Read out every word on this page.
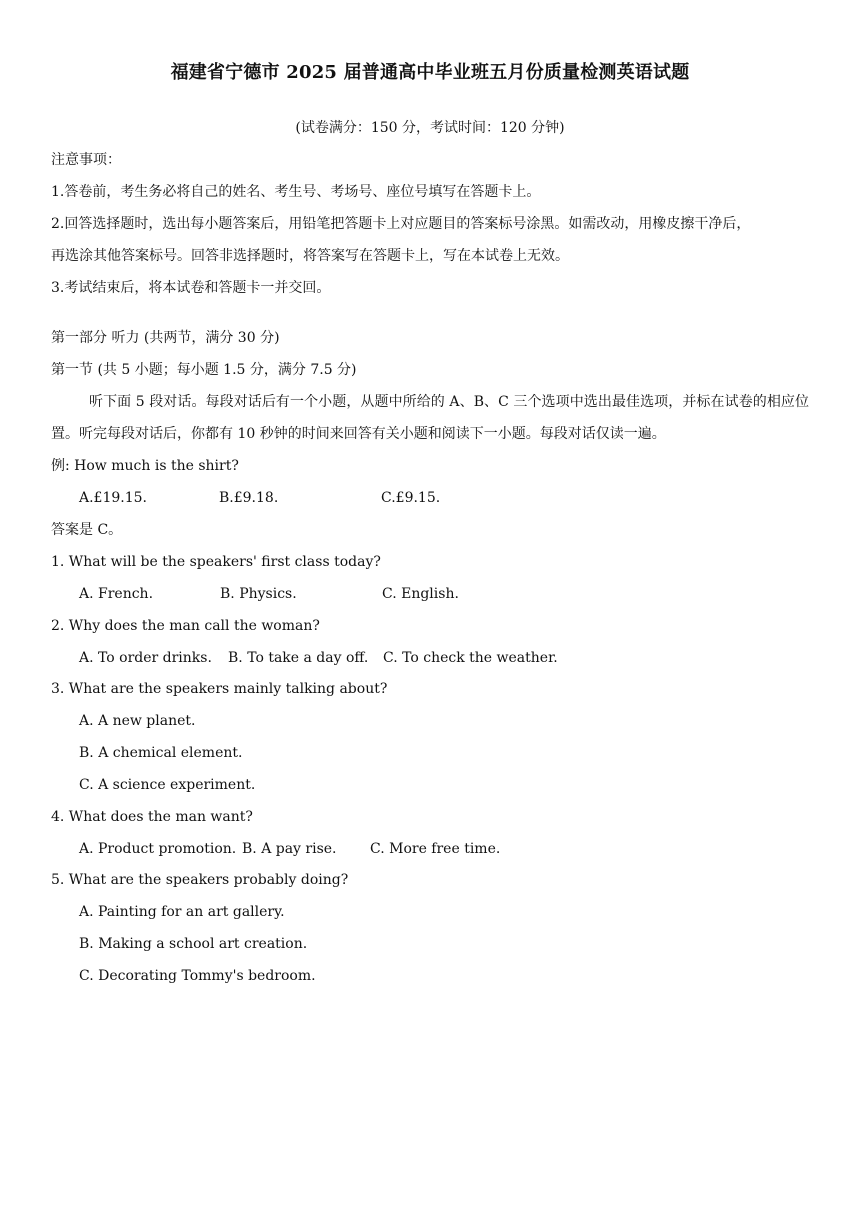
福建省宁德市 2025 届普通高中毕业班五月份质量检测英语试题
(试卷满分：150 分，考试时间：120 分钟)
注意事项：
1.答卷前，考生务必将自己的姓名、考生号、考场号、座位号填写在答题卡上。
2.回答选择题时，选出每小题答案后，用铅笔把答题卡上对应题目的答案标号涂黑。如需改动，用橡皮擦干净后，
再选涂其他答案标号。回答非选择题时，将答案写在答题卡上，写在本试卷上无效。
3.考试结束后，将本试卷和答题卡一并交回。
第一部分 听力 (共两节，满分 30 分)
第一节 (共 5 小题；每小题 1.5 分，满分 7.5 分)
听下面 5 段对话。每段对话后有一个小题，从题中所给的 A、B、C 三个选项中选出最佳选项，并标在试卷的相应位置。听完每段对话后，你都有 10 秒钟的时间来回答有关小题和阅读下一小题。每段对话仅读一遍。
例: How much is the shirt?
A.£19.15.	B.£9.18.	C.£9.15.
答案是 C。
1. What will be the speakers' first class today?
A. French.	B. Physics.	C. English.
2. Why does the man call the woman?
A. To order drinks. B. To take a day off. C. To check the weather.
3. What are the speakers mainly talking about?
A. A new planet.
B. A chemical element.
C. A science experiment.
4. What does the man want?
A. Product promotion. B. A pay rise. C. More free time.
5. What are the speakers probably doing?
A. Painting for an art gallery.
B. Making a school art creation.
C. Decorating Tommy's bedroom.
